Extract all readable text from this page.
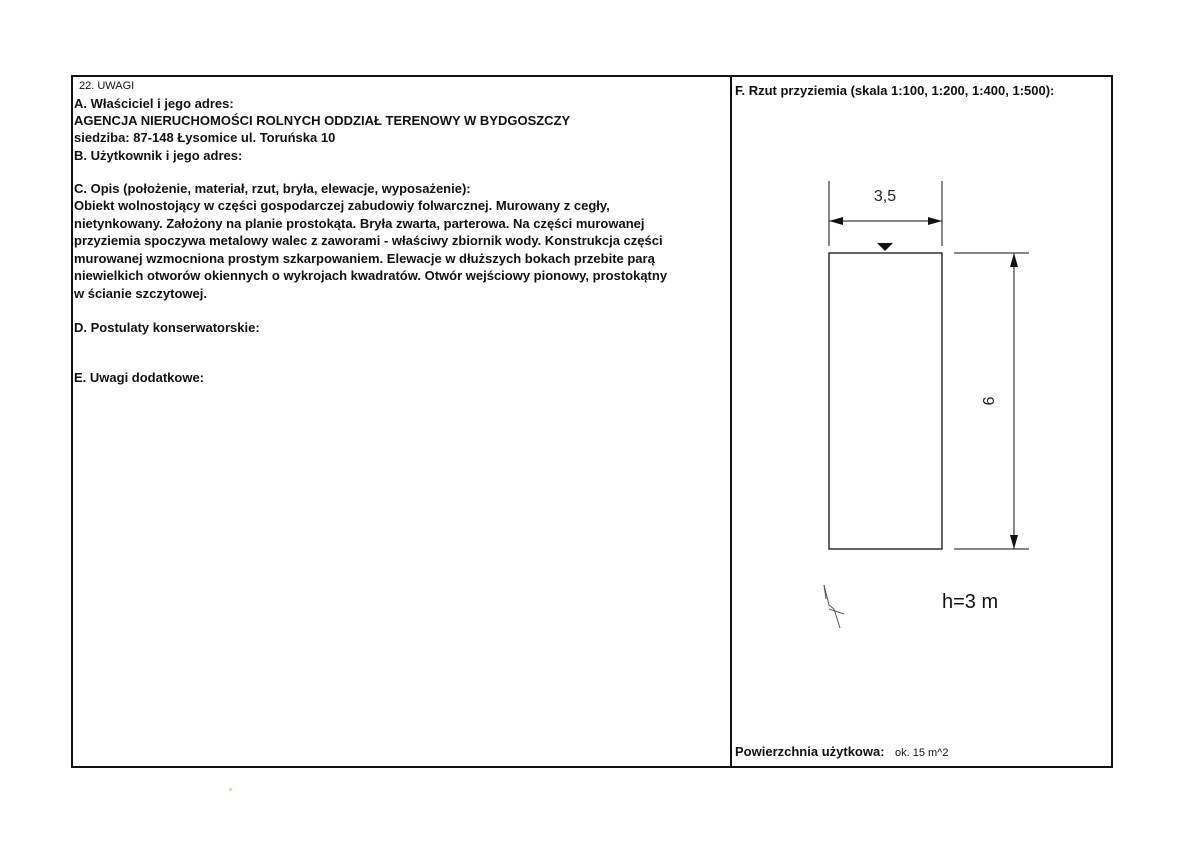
22. UWAGI
A. Właściciel i jego adres:
AGENCJA NIERUCHOMOŚCI ROLNYCH ODDZIAŁ TERENOWY W BYDGOSZCZY
siedziba: 87-148 Łysomice ul. Toruńska 10
B. Użytkownik i jego adres:
C. Opis (położenie, materiał, rzut, bryła, elewacje, wyposażenie):
Obiekt wolnostojący w części gospodarczej zabudowiy folwarcznej. Murowany z cegły,
nietynkowany. Założony na planie prostokąta. Bryła zwarta, parterowa. Na części murowanej
przyziemia spoczywa metalowy walec z zaworami - właściwy zbiornik wody. Konstrukcja części
murowanej wzmocniona prostym szkarpowaniem. Elewacje w dłuższych bokach przebite parą
niewielkich otworów okiennych o wykrojach kwadratów. Otwór wejściowy pionowy, prostokątny
w ścianie szczytowej.
D. Postulaty konserwatorskie:
E. Uwagi dodatkowe:
F. Rzut przyziemia (skala 1:100, 1:200, 1:400, 1:500):
3,5
9
h=3 m
Powierzchnia użytkowa: ok. 15 m^2
